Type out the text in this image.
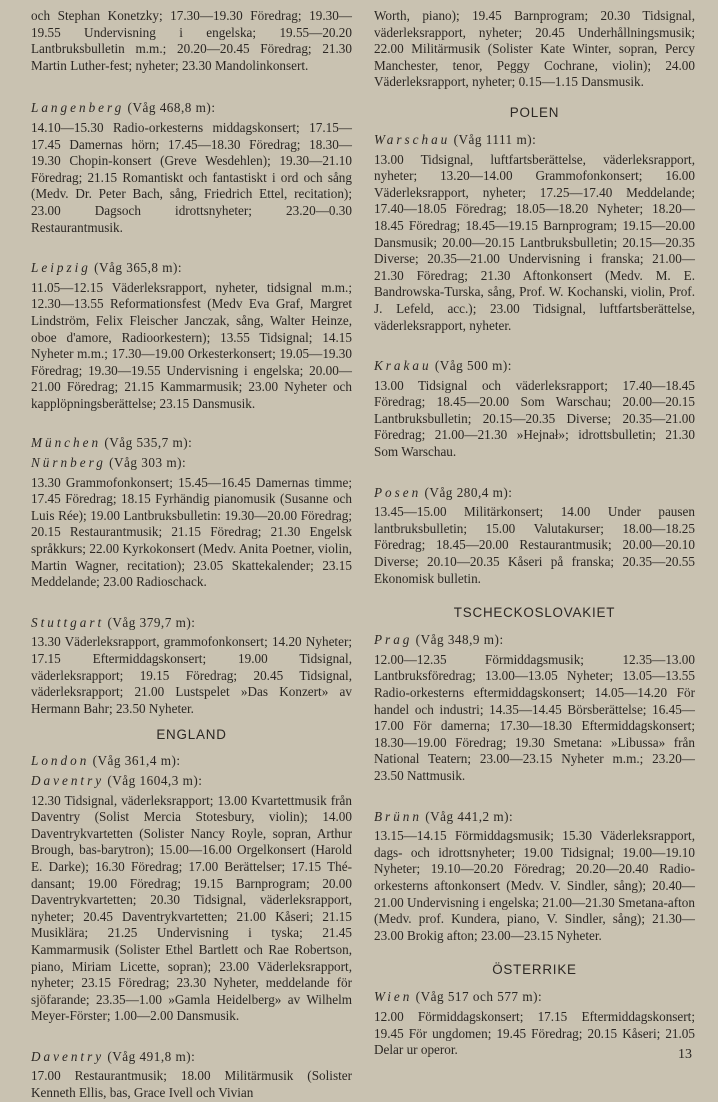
och Stephan Konetzky; 17.30—19.30 Föredrag; 19.30—19.55 Undervisning i engelska; 19.55—20.20 Lantbruksbulletin m.m.; 20.20—20.45 Föredrag; 21.30 Martin Luther-fest; nyheter; 23.30 Mandolinkonsert.

Langenberg (Våg 468,8 m):
14.10—15.30 Radio-orkesterns middagskonsert; 17.15—17.45 Damernas hörn; 17.45—18.30 Föredrag; 18.30—19.30 Chopin-konsert (Greve Wesdehlen); 19.30—21.10 Föredrag; 21.15 Romantiskt och fantastiskt i ord och sång (Medv. Dr. Peter Bach, sång, Friedrich Ettel, recitation); 23.00 Dagsoch idrottsnyheter; 23.20—0.30 Restaurantmusik.

Leipzig (Våg 365,8 m):
11.05—12.15 Väderleksrapport, nyheter, tidsignal m.m.; 12.30—13.55 Reformationsfest (Medv Eva Graf, Margret Lindström, Felix Fleischer Janczak, sång, Walter Heinze, oboe d'amore, Radioorkestern); 13.55 Tidsignal; 14.15 Nyheter m.m.; 17.30—19.00 Orkesterkonsert; 19.05—19.30 Föredrag; 19.30—19.55 Undervisning i engelska; 20.00—21.00 Föredrag; 21.15 Kammarmusik; 23.00 Nyheter och kapplöpningsberättelse; 23.15 Dansmusik.

München (Våg 535,7 m):
Nürnberg (Våg 303 m):
13.30 Grammofonkonsert; 15.45—16.45 Damernas timme; 17.45 Föredrag; 18.15 Fyrhändig pianomusik (Susanne och Luis Rée); 19.00 Lantbruksbulletin: 19.30—20.00 Föredrag; 20.15 Restaurantmusik; 21.15 Föredrag; 21.30 Engelsk språkkurs; 22.00 Kyrkokonsert (Medv. Anita Poetner, violin, Martin Wagner, recitation); 23.05 Skattekalender; 23.15 Meddelande; 23.00 Radioschack.

Stuttgart (Våg 379,7 m):
13.30 Väderleksrapport, grammofonkonsert; 14.20 Nyheter; 17.15 Eftermiddagskonsert; 19.00 Tidsignal, väderleksrapport; 19.15 Föredrag; 20.45 Tidsignal, väderleksrapport; 21.00 Lustspelet »Das Konzert» av Hermann Bahr; 23.50 Nyheter.

ENGLAND

London (Våg 361,4 m):
Daventry (Våg 1604,3 m):
12.30 Tidsignal, väderleksrapport; 13.00 Kvartettmusik från Daventry (Solist Mercia Stotesbury, violin); 14.00 Daventrykvartetten (Solister Nancy Royle, sopran, Arthur Brough, bas-barytron); 15.00—16.00 Orgelkonsert (Harold E. Darke); 16.30 Föredrag; 17.00 Berättelser; 17.15 Thé-dansant; 19.00 Föredrag; 19.15 Barnprogram; 20.00 Daventrykvartetten; 20.30 Tidsignal, väderleksrapport, nyheter; 20.45 Daventrykvartetten; 21.00 Kåseri; 21.15 Musiklära; 21.25 Undervisning i tyska; 21.45 Kammarmusik (Solister Ethel Bartlett och Rae Robertson, piano, Miriam Licette, sopran); 23.00 Väderleksrapport, nyheter; 23.15 Föredrag; 23.30 Nyheter, meddelande för sjöfarande; 23.35—1.00 »Gamla Heidelberg» av Wilhelm Meyer-Förster; 1.00—2.00 Dansmusik.

Daventry (Våg 491,8 m):
17.00 Restaurantmusik; 18.00 Militärmusik (Solister Kenneth Ellis, bas, Grace Ivell och Vivian

Worth, piano); 19.45 Barnprogram; 20.30 Tidsignal, väderleksrapport, nyheter; 20.45 Underhållningsmusik; 22.00 Militärmusik (Solister Kate Winter, sopran, Percy Manchester, tenor, Peggy Cochrane, violin); 24.00 Väderleksrapport, nyheter; 0.15—1.15 Dansmusik.

POLEN

Warschau (Våg 1111 m):
13.00 Tidsignal, luftfartsberättelse, väderleksrapport, nyheter; 13.20—14.00 Grammofonkonsert; 16.00 Väderleksrapport, nyheter; 17.25—17.40 Meddelande; 17.40—18.05 Föredrag; 18.05—18.20 Nyheter; 18.20—18.45 Föredrag; 18.45—19.15 Barnprogram; 19.15—20.00 Dansmusik; 20.00—20.15 Lantbruksbulletin; 20.15—20.35 Diverse; 20.35—21.00 Undervisning i franska; 21.00—21.30 Föredrag; 21.30 Aftonkonsert (Medv. M. E. Bandrowska-Turska, sång, Prof. W. Kochanski, violin, Prof. J. Lefeld, acc.); 23.00 Tidsignal, luftfartsberättelse, väderleksrapport, nyheter.

Krakau (Våg 500 m):
13.00 Tidsignal och väderleksrapport; 17.40—18.45 Föredrag; 18.45—20.00 Som Warschau; 20.00—20.15 Lantbruksbulletin; 20.15—20.35 Diverse; 20.35—21.00 Föredrag; 21.00—21.30 »Hejnał»; idrottsbulletin; 21.30 Som Warschau.

Posen (Våg 280,4 m):
13.45—15.00 Militärkonsert; 14.00 Under pausen lantbruksbulletin; 15.00 Valutakurser; 18.00—18.25 Föredrag; 18.45—20.00 Restaurantmusik; 20.00—20.10 Diverse; 20.10—20.35 Kåseri på franska; 20.35—20.55 Ekonomisk bulletin.

TSCHECKOSLOVAKIET

Prag (Våg 348,9 m):
12.00—12.35 Förmiddagsmusik; 12.35—13.00 Lantbruksföredrag; 13.00—13.05 Nyheter; 13.05—13.55 Radio-orkesterns eftermiddagskonsert; 14.05—14.20 För handel och industri; 14.35—14.45 Börsberättelse; 16.45—17.00 För damerna; 17.30—18.30 Eftermiddagskonsert; 18.30—19.00 Föredrag; 19.30 Smetana: »Libussa» från National Teatern; 23.00—23.15 Nyheter m.m.; 23.20—23.50 Nattmusik.

Brünn (Våg 441,2 m):
13.15—14.15 Förmiddagsmusik; 15.30 Väderleksrapport, dags- och idrottsnyheter; 19.00 Tidsignal; 19.00—19.10 Nyheter; 19.10—20.20 Föredrag; 20.20—20.40 Radio-orkesterns aftonkonsert (Medv. V. Sindler, sång); 20.40—21.00 Undervisning i engelska; 21.00—21.30 Smetana-afton (Medv. prof. Kundera, piano, V. Sindler, sång); 21.30—23.00 Brokig afton; 23.00—23.15 Nyheter.

ÖSTERRIKE

Wien (Våg 517 och 577 m):
12.00 Förmiddagskonsert; 17.15 Eftermiddagskonsert; 19.45 För ungdomen; 19.45 Föredrag; 20.15 Kåseri; 21.05 Delar ur operor.	13
